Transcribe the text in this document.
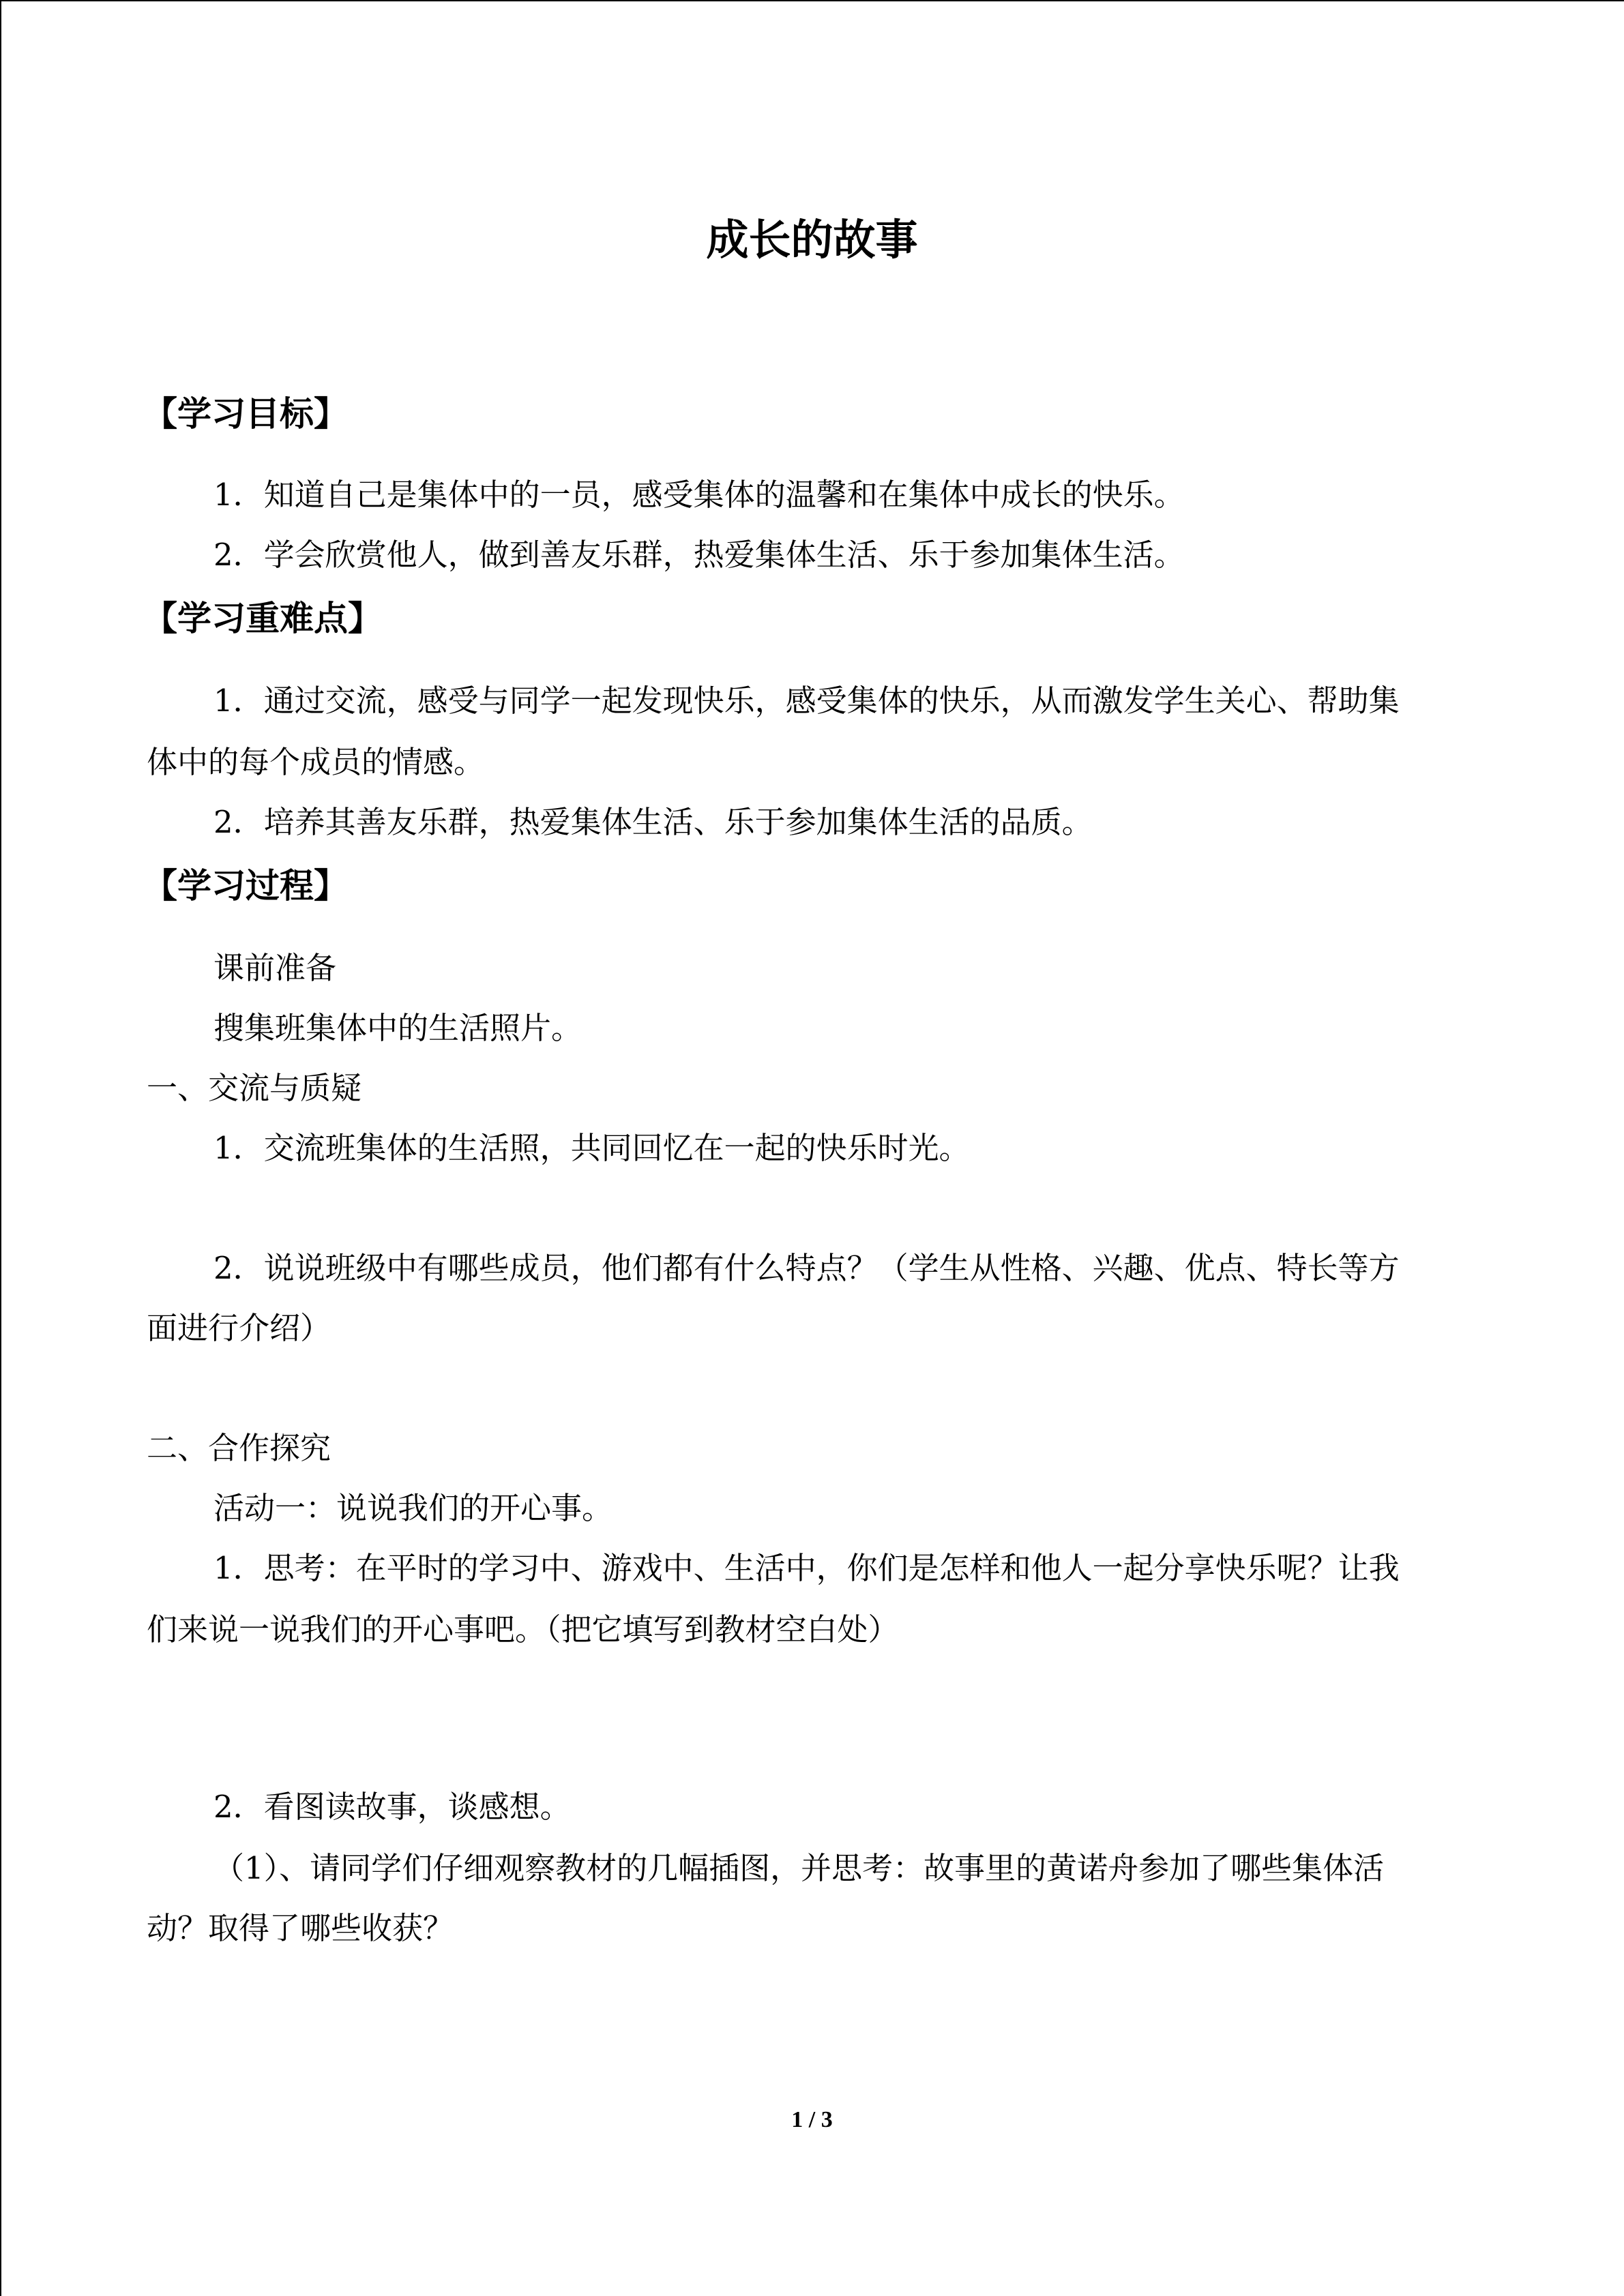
成长的故事
【学习目标】
1．知道自己是集体中的一员，感受集体的温馨和在集体中成长的快乐。
2．学会欣赏他人，做到善友乐群，热爱集体生活、乐于参加集体生活。
【学习重难点】
1．通过交流，感受与同学一起发现快乐，感受集体的快乐，从而激发学生关心、帮助集
体中的每个成员的情感。
2．培养其善友乐群，热爱集体生活、乐于参加集体生活的品质。
【学习过程】
课前准备
搜集班集体中的生活照片。
一、交流与质疑
1．交流班集体的生活照，共同回忆在一起的快乐时光。
2．说说班级中有哪些成员，他们都有什么特点？（学生从性格、兴趣、优点、特长等方
面进行介绍）
二、合作探究
活动一：说说我们的开心事。
1．思考：在平时的学习中、游戏中、生活中，你们是怎样和他人一起分享快乐呢？让我
们来说一说我们的开心事吧。（把它填写到教材空白处）
2．看图读故事，谈感想。
（1）、请同学们仔细观察教材的几幅插图，并思考：故事里的黄诺舟参加了哪些集体活
动？取得了哪些收获？
1 / 3
